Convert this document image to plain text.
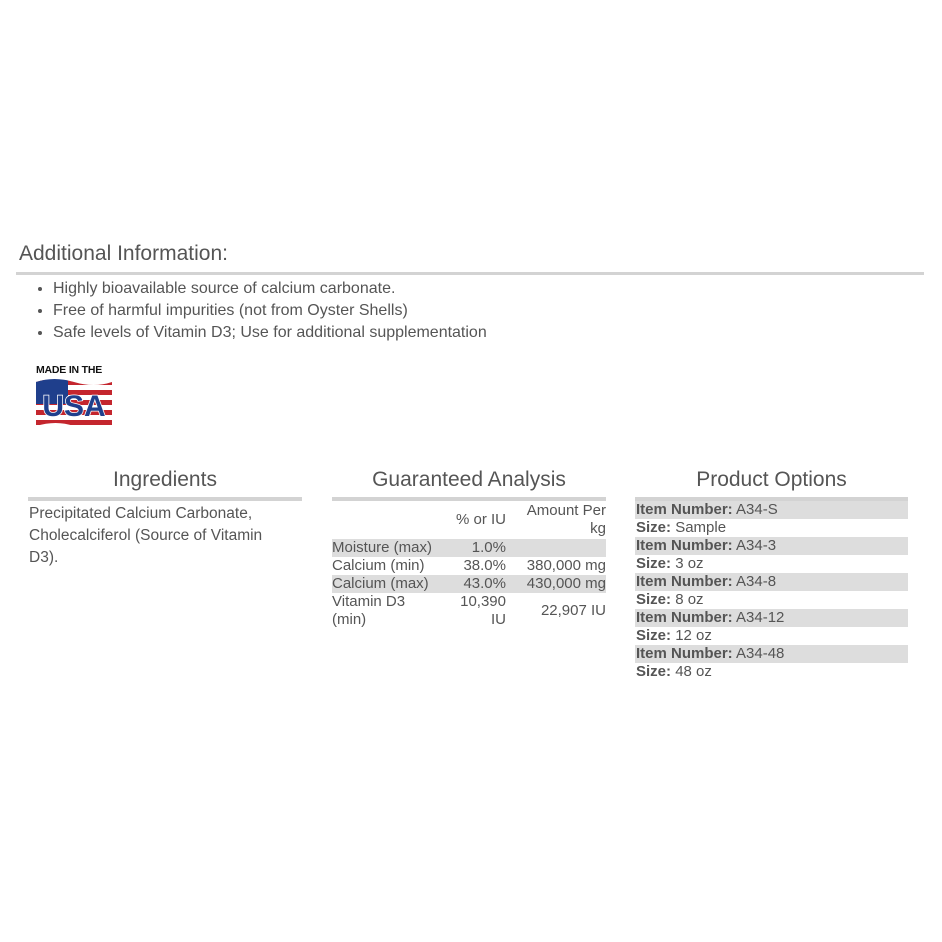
Additional Information:
Highly bioavailable source of calcium carbonate.
Free of harmful impurities (not from Oyster Shells)
Safe levels of Vitamin D3; Use for additional supplementation
MADE IN THE
USA
Ingredients

Precipitated Calcium Carbonate, Cholecalciferol (Source of Vitamin D3).

Guaranteed Analysis
	% or IU	Amount Per kg
Moisture (max)	1.0%	
Calcium (min)	38.0%	380,000 mg
Calcium (max)	43.0%	430,000 mg
Vitamin D3 (min)	10,390 IU	22,907 IU
Product Options
Item Number: A34-S
Size: Sample
Item Number: A34-3
Size: 3 oz
Item Number: A34-8
Size: 8 oz
Item Number: A34-12
Size: 12 oz
Item Number: A34-48
Size: 48 oz
